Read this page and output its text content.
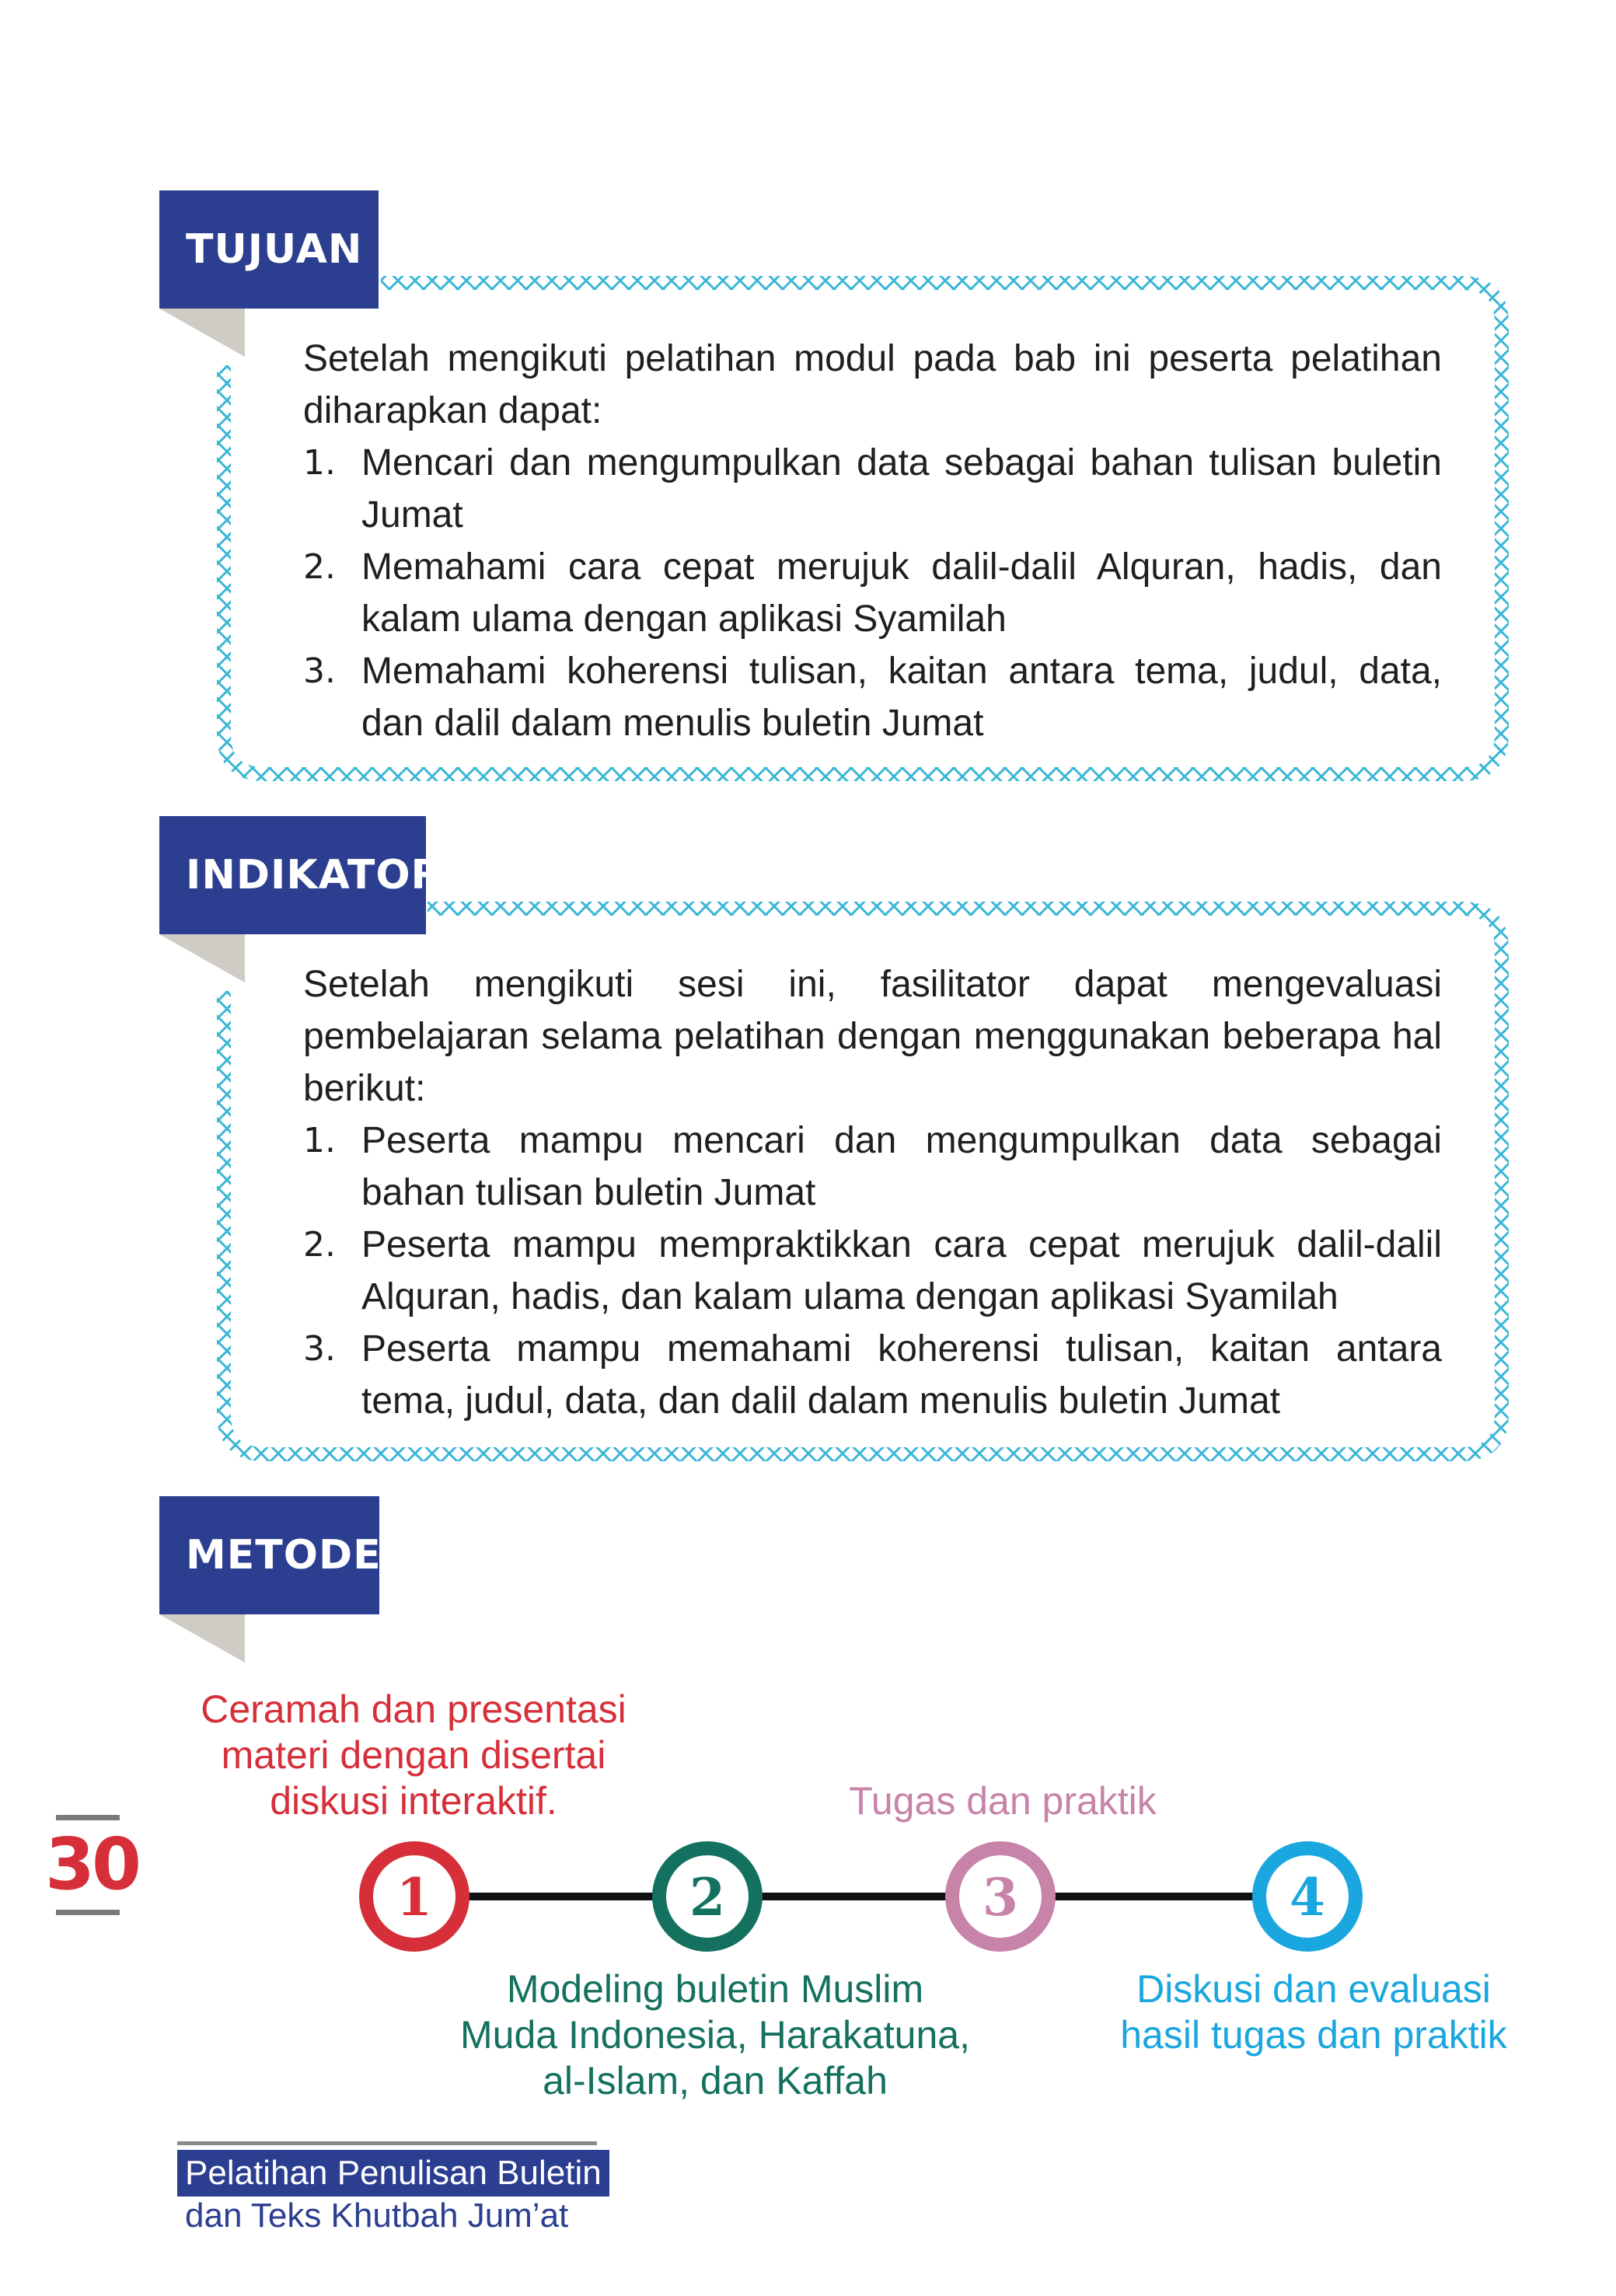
TUJUAN

Setelah mengikuti pelatihan modul pada bab ini peserta pelatihan diharapkan dapat:

1. Mencari dan mengumpulkan data sebagai bahan tulisan buletin Jumat
2. Memahami cara cepat merujuk dalil-dalil Alquran, hadis, dan kalam ulama dengan aplikasi Syamilah
3. Memahami koherensi tulisan, kaitan antara tema, judul, data, dan dalil dalam menulis buletin Jumat
INDIKATOR

Setelah mengikuti sesi ini, fasilitator dapat mengevaluasi pembelajaran selama pelatihan dengan menggunakan beberapa hal berikut:

1. Peserta mampu mencari dan mengumpulkan data sebagai bahan tulisan buletin Jumat
2. Peserta mampu mempraktikkan cara cepat merujuk dalil-dalil Alquran, hadis, dan kalam ulama dengan aplikasi Syamilah
3. Peserta mampu memahami koherensi tulisan, kaitan antara tema, judul, data, dan dalil dalam menulis buletin Jumat
METODE
Ceramah dan presentasi
materi dengan disertai
diskusi interaktif.	Tugas dan praktik
Modeling buletin Muslim
Muda Indonesia, Harakatuna,
al-Islam, dan Kaffah
Diskusi dan evaluasi
hasil tugas dan praktik
1	2	3	4
30
Pelatihan Penulisan Buletin
dan Teks Khutbah Jum’at
